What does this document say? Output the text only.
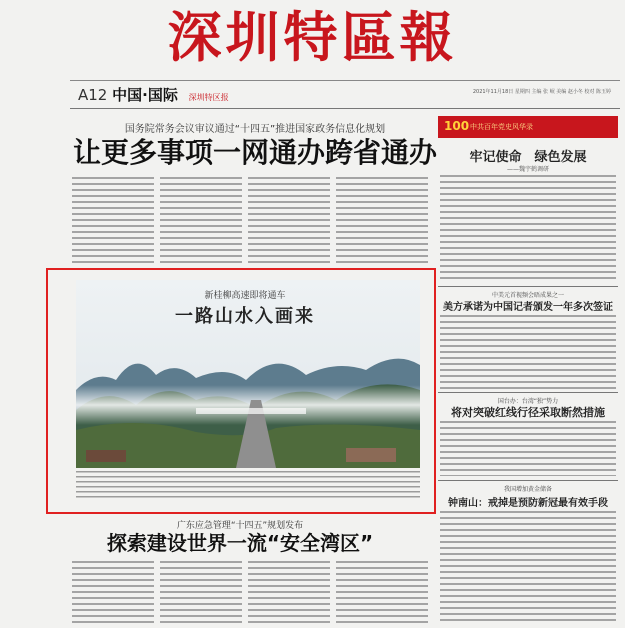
深圳特區報
A12 中国·国际 深圳特区报
2021年11月18日 星期四 主编 张 岷 美编 赵小冬 校对 陈玉婷
国务院常务会议审议通过“十四五”推进国家政务信息化规划
让更多事项一网通办跨省通办
新桂柳高速即将通车
一路山水入画来
广东应急管理“十四五”规划发布
探索建设世界一流“安全湾区”
100 中共百年党史风华录
牢记使命　绿色发展
——魏宇鹤调研
中美元首视频会晤成果之一
美方承诺为中国记者颁发一年多次签证
国台办：台湾“独”势力
将对突破红线行径采取断然措施
我国增加黄金储备
钟南山：戒掉是预防新冠最有效手段
